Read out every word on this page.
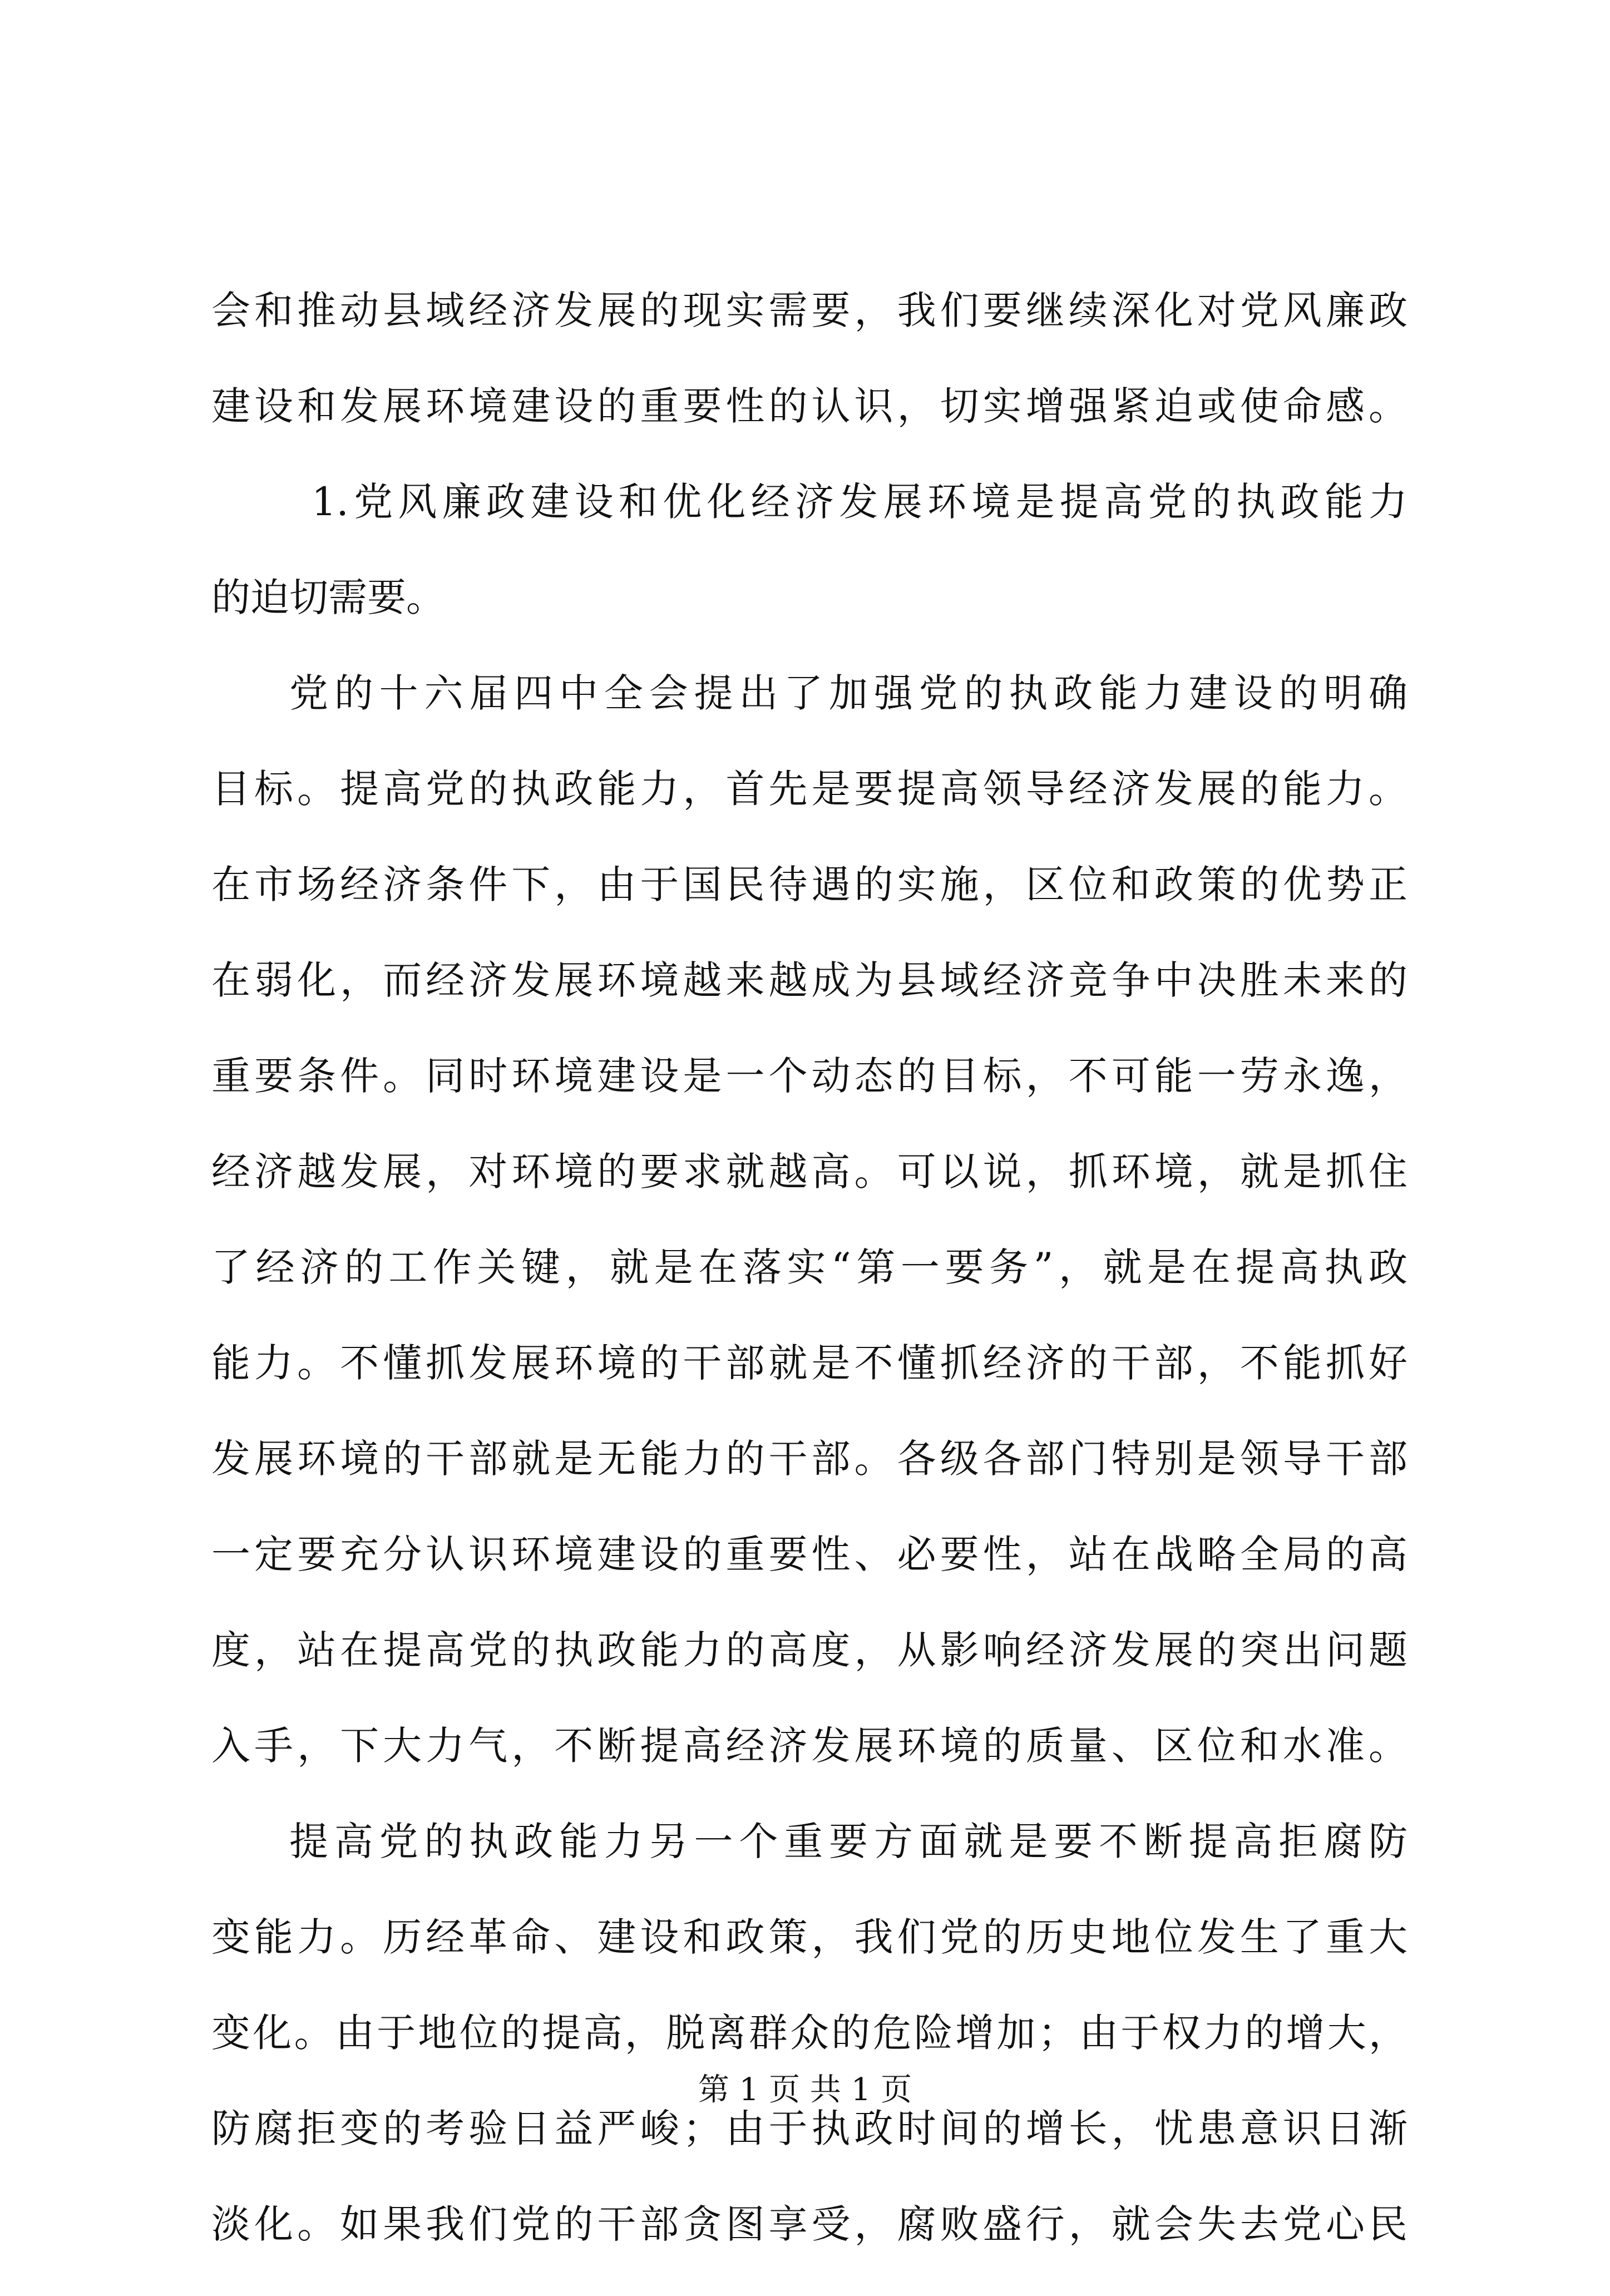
会和推动县域经济发展的现实需要，我们要继续深化对党风廉政
建设和发展环境建设的重要性的认识，切实增强紧迫或使命感。
1.党风廉政建设和优化经济发展环境是提高党的执政能力
的迫切需要。
党的十六届四中全会提出了加强党的执政能力建设的明确
目标。提高党的执政能力，首先是要提高领导经济发展的能力。
在市场经济条件下，由于国民待遇的实施，区位和政策的优势正
在弱化，而经济发展环境越来越成为县域经济竞争中决胜未来的
重要条件。同时环境建设是一个动态的目标，不可能一劳永逸，
经济越发展，对环境的要求就越高。可以说，抓环境，就是抓住
了经济的工作关键，就是在落实“第一要务”，就是在提高执政
能力。不懂抓发展环境的干部就是不懂抓经济的干部，不能抓好
发展环境的干部就是无能力的干部。各级各部门特别是领导干部
一定要充分认识环境建设的重要性、必要性，站在战略全局的高
度，站在提高党的执政能力的高度，从影响经济发展的突出问题
入手，下大力气，不断提高经济发展环境的质量、区位和水准。
提高党的执政能力另一个重要方面就是要不断提高拒腐防
变能力。历经革命、建设和政策，我们党的历史地位发生了重大
变化。由于地位的提高，脱离群众的危险增加；由于权力的增大，
防腐拒变的考验日益严峻；由于执政时间的增长，忧患意识日渐
淡化。如果我们党的干部贪图享受，腐败盛行，就会失去党心民
第 1 页 共 1 页
